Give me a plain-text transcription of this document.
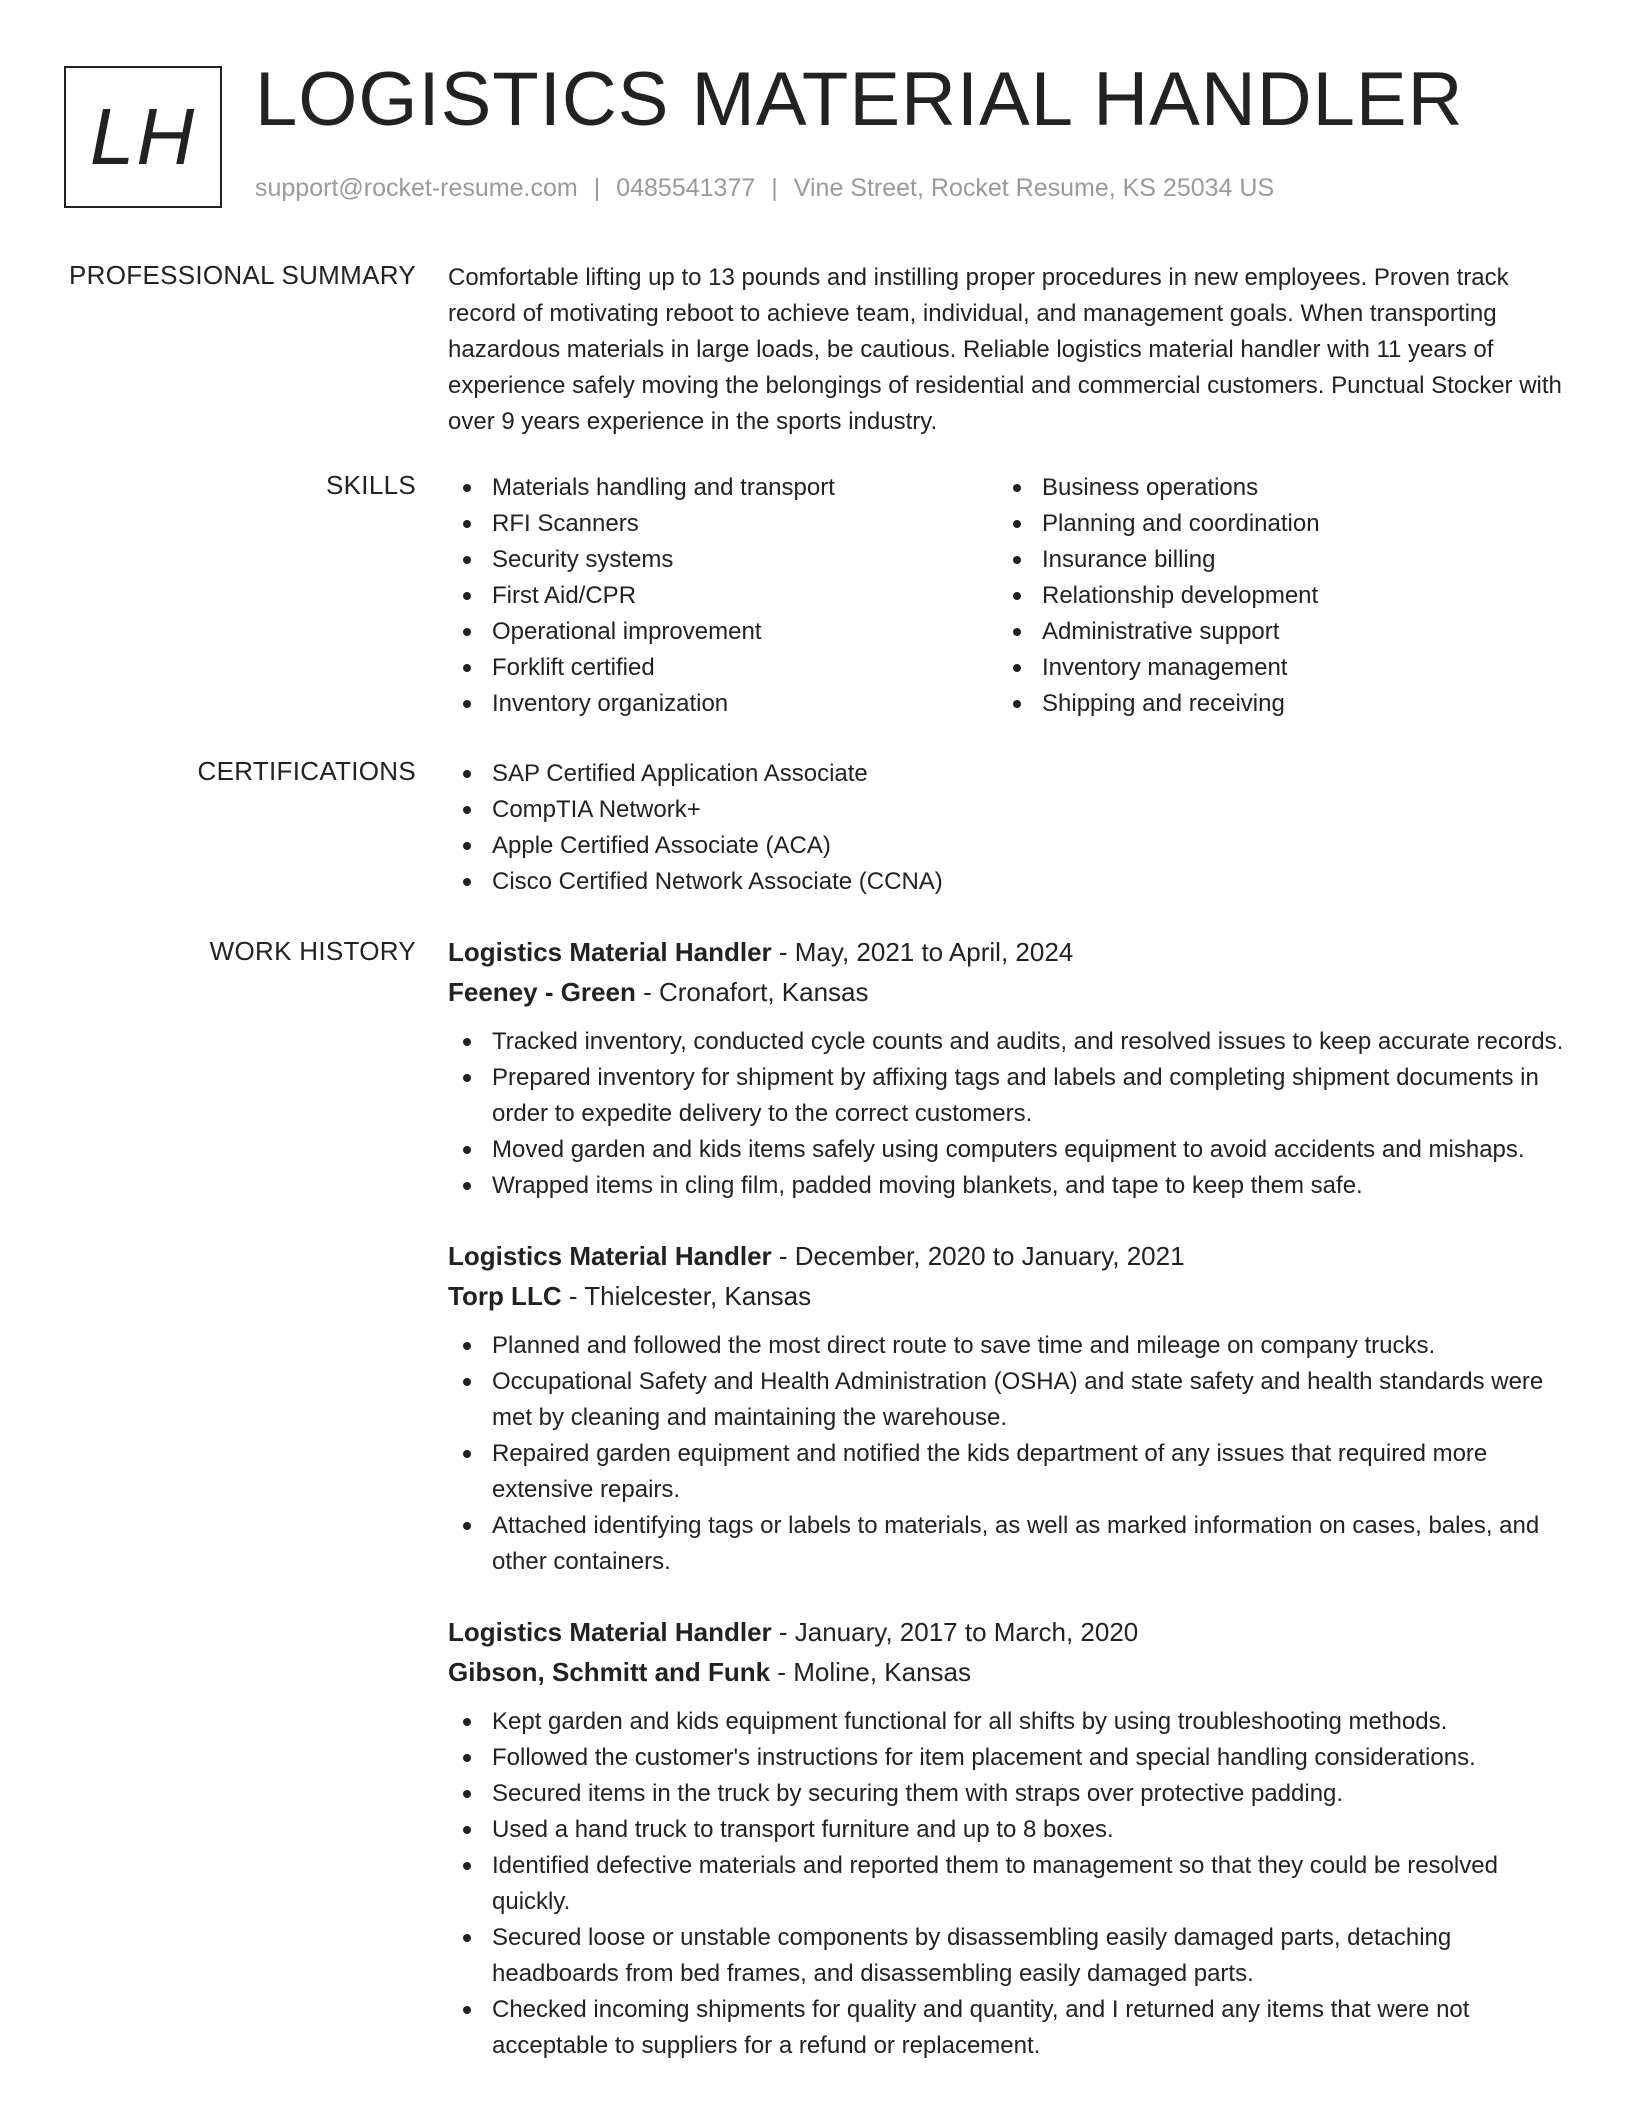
LH LOGISTICS MATERIAL HANDLER
support@rocket-resume.com | 0485541377 | Vine Street, Rocket Resume, KS 25034 US
PROFESSIONAL SUMMARY Comfortable lifting up to 13 pounds and instilling proper procedures in new employees. Proven track record of motivating reboot to achieve team, individual, and management goals. When transporting hazardous materials in large loads, be cautious. Reliable logistics material handler with 11 years of experience safely moving the belongings of residential and commercial customers. Punctual Stocker with over 9 years experience in the sports industry.
SKILLS	Materials handling and transport
RFI Scanners
Security systems
First Aid/CPR
Operational improvement
Forklift certified
Inventory organization
Business operations
Planning and coordination
Insurance billing
Relationship development
Administrative support
Inventory management
Shipping and receiving
CERTIFICATIONS	SAP Certified Application Associate
CompTIA Network+
Apple Certified Associate (ACA)
Cisco Certified Network Associate (CCNA)
WORK HISTORY Logistics Material Handler - May, 2021 to April, 2024
Feeney - Green - Cronafort, Kansas
Tracked inventory, conducted cycle counts and audits, and resolved issues to keep accurate records.
Prepared inventory for shipment by affixing tags and labels and completing shipment documents in order to expedite delivery to the correct customers.
Moved garden and kids items safely using computers equipment to avoid accidents and mishaps.
Wrapped items in cling film, padded moving blankets, and tape to keep them safe.
Logistics Material Handler - December, 2020 to January, 2021
Torp LLC - Thielcester, Kansas
Planned and followed the most direct route to save time and mileage on company trucks.
Occupational Safety and Health Administration (OSHA) and state safety and health standards were met by cleaning and maintaining the warehouse.
Repaired garden equipment and notified the kids department of any issues that required more extensive repairs.
Attached identifying tags or labels to materials, as well as marked information on cases, bales, and other containers.
Logistics Material Handler - January, 2017 to March, 2020
Gibson, Schmitt and Funk - Moline, Kansas
Kept garden and kids equipment functional for all shifts by using troubleshooting methods.
Followed the customer's instructions for item placement and special handling considerations.
Secured items in the truck by securing them with straps over protective padding.
Used a hand truck to transport furniture and up to 8 boxes.
Identified defective materials and reported them to management so that they could be resolved quickly.
Secured loose or unstable components by disassembling easily damaged parts, detaching headboards from bed frames, and disassembling easily damaged parts.
Checked incoming shipments for quality and quantity, and I returned any items that were not acceptable to suppliers for a refund or replacement.
